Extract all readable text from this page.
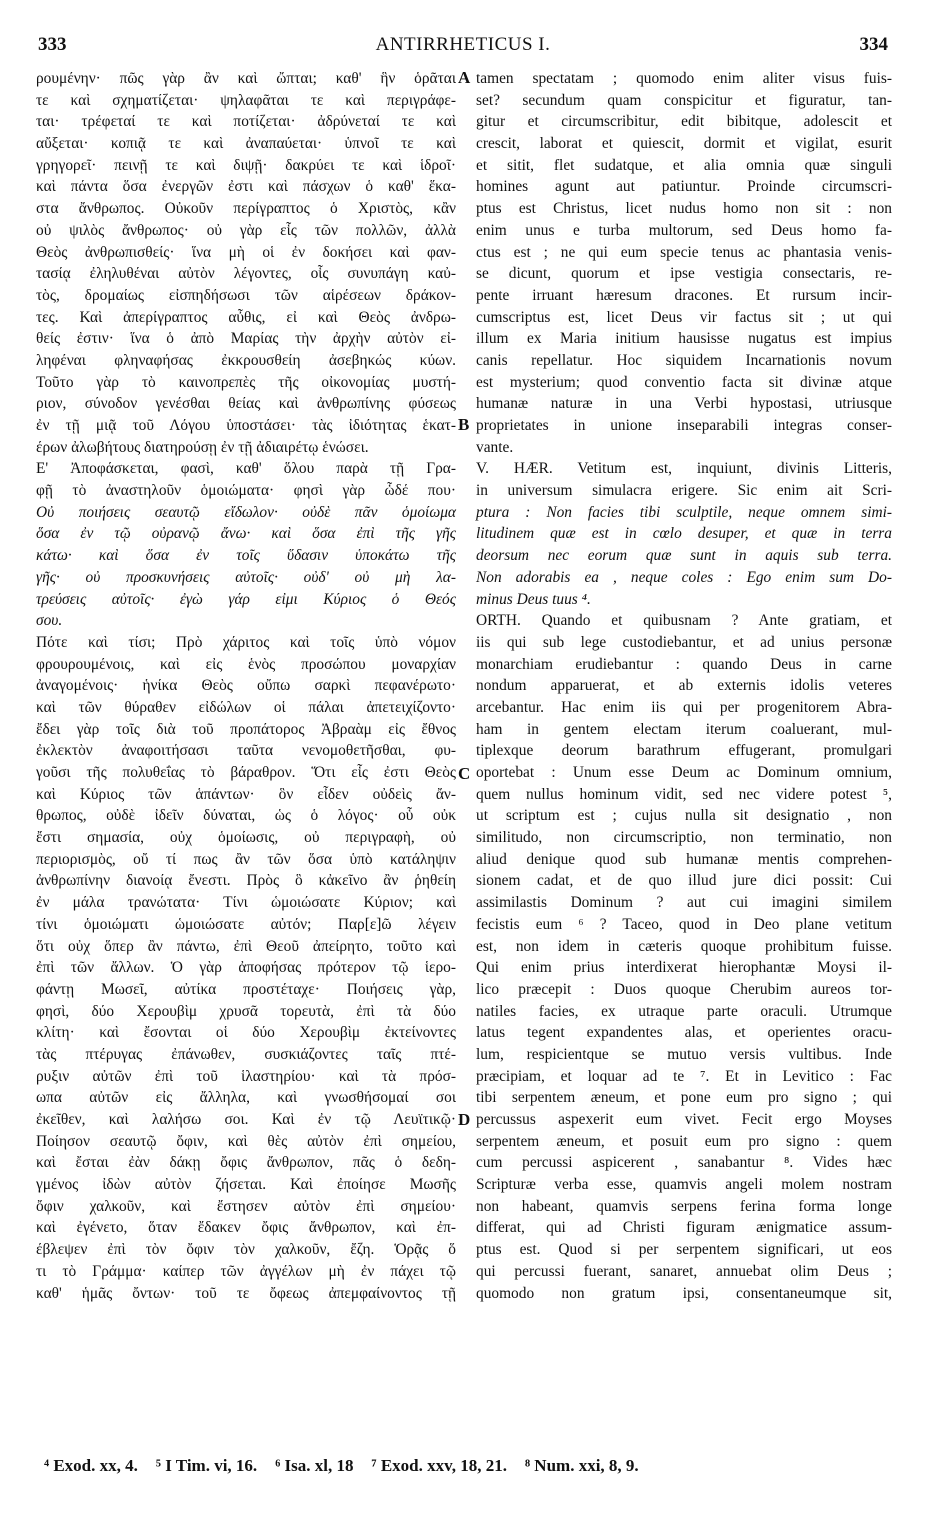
333	ANTIRRHETICUS I.	334
ρουμένην· πῶς γὰρ ἂν καὶ ὤπται; καθ' ἣν ὁρᾶται
τε καὶ σχηματίζεται· ψηλαφᾶται τε καὶ περιγράφε-
ται· τρέφεταί τε καὶ ποτίζεται· ἀδρύνεταί τε καὶ
αὔξεται· κοπιᾷ τε καὶ ἀναπαύεται· ὑπνοῖ τε καὶ
γρηγορεῖ· πεινῇ τε καὶ διψῇ· δακρύει τε καὶ ἱδροῖ·
καὶ πάντα ὅσα ἐνεργῶν ἐστι καὶ πάσχων ὁ καθ' ἕκα-
στα ἄνθρωπος. Οὐκοῦν περίγραπτος ὁ Χριστὸς, κἂν
οὐ ψιλὸς ἄνθρωπος· οὐ γὰρ εἷς τῶν πολλῶν, ἀλλὰ
Θεὸς ἀνθρωπισθείς· ἵνα μὴ οἱ ἐν δοκήσει καὶ φαν-
τασίᾳ ἐληλυθέναι αὐτὸν λέγοντες, οἷς συνυπάγη καὐ-
τὸς, δρομαίως εἰσπηδήσωσι τῶν αἱρέσεων δράκον-
τες. Καὶ ἀπερίγραπτος αὖθις, εἰ καὶ Θεὸς ἀνδρω-
θείς ἐστιν· ἵνα ὁ ἀπὸ Μαρίας τὴν ἀρχὴν αὐτὸν εἰ-
ληφέναι φληναφήσας ἐκκρουσθείη ἀσεβηκώς κύων.
Τοῦτο γὰρ τὸ καινοπρεπὲς τῆς οἰκονομίας μυστή-
ριον, σύνοδον γενέσθαι θείας καὶ ἀνθρωπίνης φύσεως
ἐν τῇ μιᾷ τοῦ Λόγου ὑποστάσει· τὰς ἰδιότητας ἑκατ-
έρων ἀλωβήτους διατηρούσῃ ἐν τῇ ἀδιαιρέτῳ ἑνώσει.
Ε' Ἀποφάσκεται, φασὶ, καθ' ὅλου παρὰ τῇ Γρα-
φῇ τὸ ἀναστηλοῦν ὁμοιώματα· φησὶ γὰρ ὧδέ που·
Οὐ ποιήσεις σεαυτῷ εἴδωλον· οὐδὲ πᾶν ὁμοίωμα
ὅσα ἐν τῷ οὐρανῷ ἄνω· καὶ ὅσα ἐπὶ τῆς γῆς
κάτω· καὶ ὅσα ἐν τοῖς ὕδασιν ὑποκάτω τῆς
γῆς· οὐ προσκυνήσεις αὐτοῖς· οὐδ' οὐ μὴ λα-
τρεύσεις αὐτοῖς· ἐγὼ γάρ εἰμι Κύριος ὁ Θεός
σου.
Πότε καὶ τίσι; Πρὸ χάριτος καὶ τοῖς ὑπὸ νόμον
φρουρουμένοις, καὶ εἰς ἑνὸς προσώπου μοναρχίαν
ἀναγομένοις· ἡνίκα Θεὸς οὔπω σαρκὶ πεφανέρωτο·
καὶ τῶν θύραθεν εἰδώλων οἱ πάλαι ἀπετειχίζοντο·
ἔδει γὰρ τοῖς διὰ τοῦ προπάτορος Ἀβραὰμ εἰς ἔθνος
ἐκλεκτὸν ἀναφοιτήσασι ταῦτα νενομοθετῆσθαι, φυ-
γοῦσι τῆς πολυθεΐας τὸ βάραθρον. Ὅτι εἷς ἐστι Θεὸς
καὶ Κύριος τῶν ἁπάντων· ὃν εἶδεν οὐδεὶς ἄν-
θρωπος, οὐδὲ ἰδεῖν δύναται, ὡς ὁ λόγος· οὗ οὐκ
ἔστι σημασία, οὐχ ὁμοίωσις, οὐ περιγραφὴ, οὐ
περιορισμὸς, οὔ τί πως ἂν τῶν ὅσα ὑπὸ κατάληψιν
ἀνθρωπίνην διανοίᾳ ἔνεστι. Πρὸς ὃ κἀκεῖνο ἂν ῥηθείη
ἐν μάλα τρανώτατα· Τίνι ὡμοιώσατε Κύριον; καὶ
τίνι ὁμοιώματι ὡμοιώσατε αὐτόν; Παρ[ε]ῶ λέγειν
ὅτι οὐχ ὅπερ ἂν πάντω, ἐπὶ Θεοῦ ἀπείρητο, τοῦτο καὶ
ἐπὶ τῶν ἄλλων. Ὁ γὰρ ἀποφήσας πρότερον τῷ ἱερο-
φάντῃ Μωσεῖ, αὐτίκα προστέταχε· Ποιήσεις γὰρ,
φησὶ, δύο Χερουβὶμ χρυσᾶ τορευτὰ, ἐπὶ τὰ δύο
κλίτη· καὶ ἔσονται οἱ δύο Χερουβὶμ ἐκτείνοντες
τὰς πτέρυγας ἐπάνωθεν, συσκιάζοντες ταῖς πτέ-
ρυξιν αὐτῶν ἐπὶ τοῦ ἱλαστηρίου· καὶ τὰ πρόσ-
ωπα αὐτῶν εἰς ἄλληλα, καὶ γνωσθήσομαί σοι
ἐκεῖθεν, καὶ λαλήσω σοι. Καὶ ἐν τῷ Λευϊτικῷ·
Ποίησον σεαυτῷ ὄφιν, καὶ θὲς αὐτὸν ἐπὶ σημείου,
καὶ ἔσται ἐὰν δάκῃ ὄφις ἄνθρωπον, πᾶς ὁ δεδη-
γμένος ἰδὼν αὐτὸν ζήσεται. Καὶ ἐποίησε Μωσῆς
ὄφιν χαλκοῦν, καὶ ἔστησεν αὐτὸν ἐπὶ σημείου·
καὶ ἐγένετο, ὅταν ἔδακεν ὄφις ἄνθρωπον, καὶ ἐπ-
έβλεψεν ἐπὶ τὸν ὄφιν τὸν χαλκοῦν, ἔζη. Ὁρᾷς ὅ
τι τὸ Γράμμα· καίπερ τῶν ἀγγέλων μὴ ἐν πάχει τῷ
καθ' ἡμᾶς ὄντων· τοῦ τε ὄφεως ἀπεμφαίνοντος τῇ
tamen spectatam ; quomodo enim aliter visus fuis-
set? secundum quam conspicitur et figuratur, tan-
gitur et circumscribitur, edit bibitque, adolescit et
crescit, laborat et quiescit, dormit et vigilat, esurit
et sitit, flet sudatque, et alia omnia quæ singuli
homines agunt aut patiuntur. Proinde circumscri-
ptus est Christus, licet nudus homo non sit : non
enim unus e turba multorum, sed Deus homo fa-
ctus est ; ne qui eum specie tenus ac phantasia venis-
se dicunt, quorum et ipse vestigia consectaris, re-
pente irruant hæresum dracones. Et rursum incir-
cumscriptus est, licet Deus vir factus sit ; ut qui
illum ex Maria initium hausisse nugatus est impius
canis repellatur. Hoc siquidem Incarnationis novum
est mysterium; quod conventio facta sit divinæ atque
humanæ naturæ in una Verbi hypostasi, utriusque
proprietates in unione inseparabili integras conser-
vante.
V. HÆR. Vetitum est, inquiunt, divinis Litteris,
in universum simulacra erigere. Sic enim ait Scri-
ptura : Non facies tibi sculptile, neque omnem simi-
litudinem quæ est in cœlo desuper, et quæ in terra
deorsum nec eorum quæ sunt in aquis sub terra.
Non adorabis ea , neque coles : Ego enim sum Do-
minus Deus tuus ⁴.
ORTH. Quando et quibusnam ? Ante gratiam, et
iis qui sub lege custodiebantur, et ad unius personæ
monarchiam erudiebantur : quando Deus in carne
nondum apparuerat, et ab externis idolis veteres
arcebantur. Hac enim iis qui per progenitorem Abra-
ham in gentem electam iterum coaluerant, mul-
tiplexque deorum barathrum effugerant, promulgari
oportebat : Unum esse Deum ac Dominum omnium,
quem nullus hominum vidit, sed nec videre potest ⁵,
ut scriptum est ; cujus nulla sit designatio , non
similitudo, non circumscriptio, non terminatio, non
aliud denique quod sub humanæ mentis comprehen-
sionem cadat, et de quo illud jure dici possit: Cui
assimilastis Dominum ? aut cui imagini similem
fecistis eum ⁶ ? Taceo, quod in Deo plane vetitum
est, non idem in cæteris quoque prohibitum fuisse.
Qui enim prius interdixerat hierophantæ Moysi il-
lico præcepit : Duos quoque Cherubim aureos tor-
natiles facies, ex utraque parte oraculi. Utrumque
latus tegent expandentes alas, et operientes oracu-
lum, respicientque se mutuo versis vultibus. Inde
præcipiam, et loquar ad te ⁷. Et in Levitico : Fac
tibi serpentem æneum, et pone eum pro signo ; qui
percussus aspexerit eum vivet. Fecit ergo Moyses
serpentem æneum, et posuit eum pro signo : quem
cum percussi aspicerent , sanabantur ⁸. Vides hæc
Scripturæ verba esse, quamvis angeli molem nostram
non habeant, quamvis serpens ferina forma longe
differat, qui ad Christi figuram ænigmatice assum-
ptus est. Quod si per serpentem significari, ut eos
qui percussi fuerant, sanaret, annuebat olim Deus ;
quomodo non gratum ipsi, consentaneumque sit,
A
B
C
D
⁴ Exod. xx, 4. ⁵ I Tim. vi, 16. ⁶ Isa. xl, 18 ⁷ Exod. xxv, 18, 21. ⁸ Num. xxi, 8, 9.
